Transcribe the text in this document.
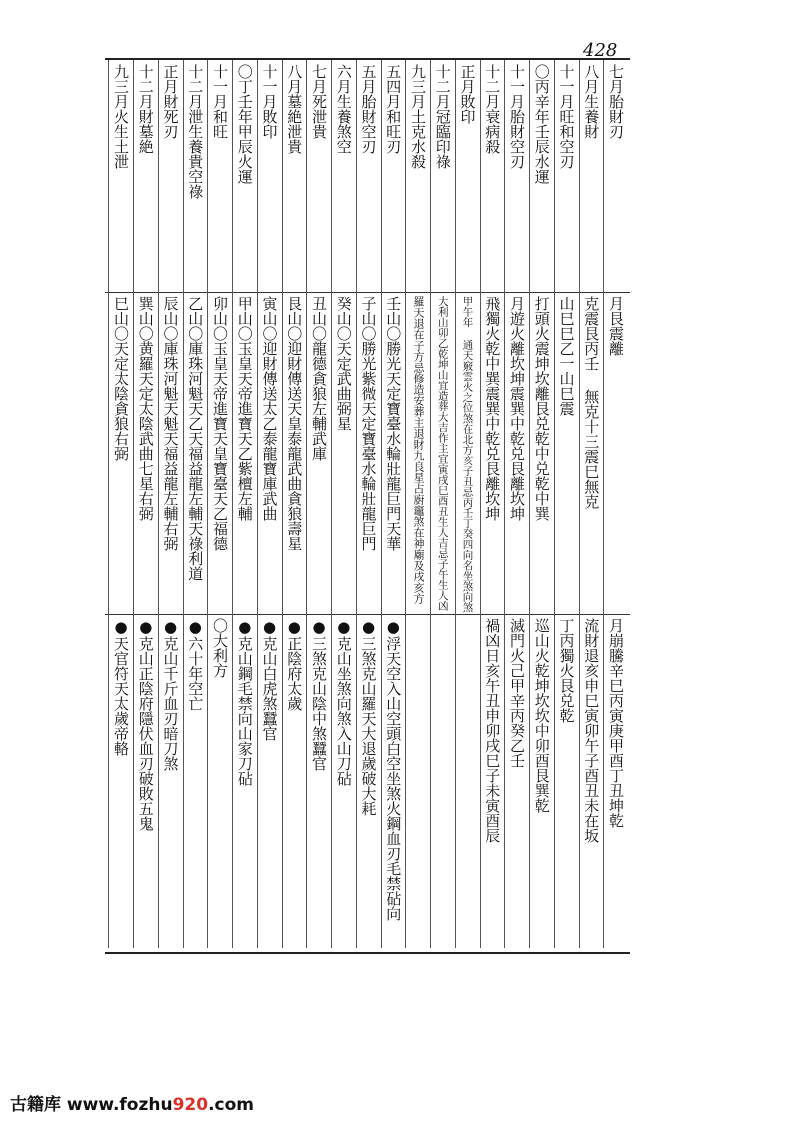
428
七月胎財刃
月艮震離
月崩騰辛巳丙寅庚甲酉丁丑坤乾
八月生養財
克震艮丙壬 無克十三震巳無克
流財退亥申巳寅卯午子酉丑未在坂
十一月旺和空刃
山巳巳乙一山巳震
丁丙獨火艮兑乾
〇丙辛年壬辰水運
打頭火震坤坎離艮兑乾中兑乾中巽
巡山火乾坤坎坎中卯酉艮巽乾
十一月胎財空刃
月遊火離坎坤震巽中乾兑艮離坎坤
滅門火己甲辛丙癸乙壬
十二月衰病殺
飛獨火乾中巽震巽中乾兑艮離坎坤
禍凶日亥午丑申卯戌巳子未寅酉辰
正月敗印
甲午年 通天竅雲火之位煞在北方亥子丑忌丙壬丁癸四向名坐煞向煞
十二月冠臨印祿
大利山卯乙乾坤山宜造葬大吉作主宜寅戌巳酉丑生人吉忌子午生人凶
九三月土克水殺
羅天退在子方忌修造安葬主退財九良星占廚竈煞在神廟及戌亥方
五四月和旺刃
壬山〇勝光天定寶臺水輪壯龍巨門天華
●浮天空入山空頭白空坐煞火鋼血刃毛禁砧向
五月胎財空刃
子山〇勝光紫微天定寶臺水輪壯龍巨門
●三煞克山羅天大退歲破大耗
六月生養煞空
癸山〇天定武曲弼星
●克山坐煞向煞入山刀砧
七月死泄貴
丑山〇龍德貪狼左輔武庫
●三煞克山陰中煞蠶官
八月墓絶泄貴
艮山〇迎財傳送天皇泰龍武曲貪狼壽星
●正陰府太歲
十一月敗印
寅山〇迎財傳送太乙泰龍寶庫武曲
●克山白虎煞蠶官
〇丁壬年甲辰火運
甲山〇玉皇天帝進寶天乙紫檀左輔
●克山鋼毛禁向山家刀砧
十一月和旺
卯山〇玉皇天帝進寶天皇寶臺天乙福德
〇大利方
十二月泄生養貴空祿
乙山〇庫珠河魁天乙天福益龍左輔天祿利道
●六十年空亡
正月財死刃
辰山〇庫珠河魁天魁天福益龍左輔右弼
●克山千斤血刃暗刀煞
十二月財墓絶
巽山〇黄羅天定太陰武曲七星右弼
●克山正陰府隱伏血刃破敗五鬼
九三月火生土泄
巳山〇天定太陰貪狼右弼
●天官符天太歲帝輅
古籍库 www.fozhu920.com
